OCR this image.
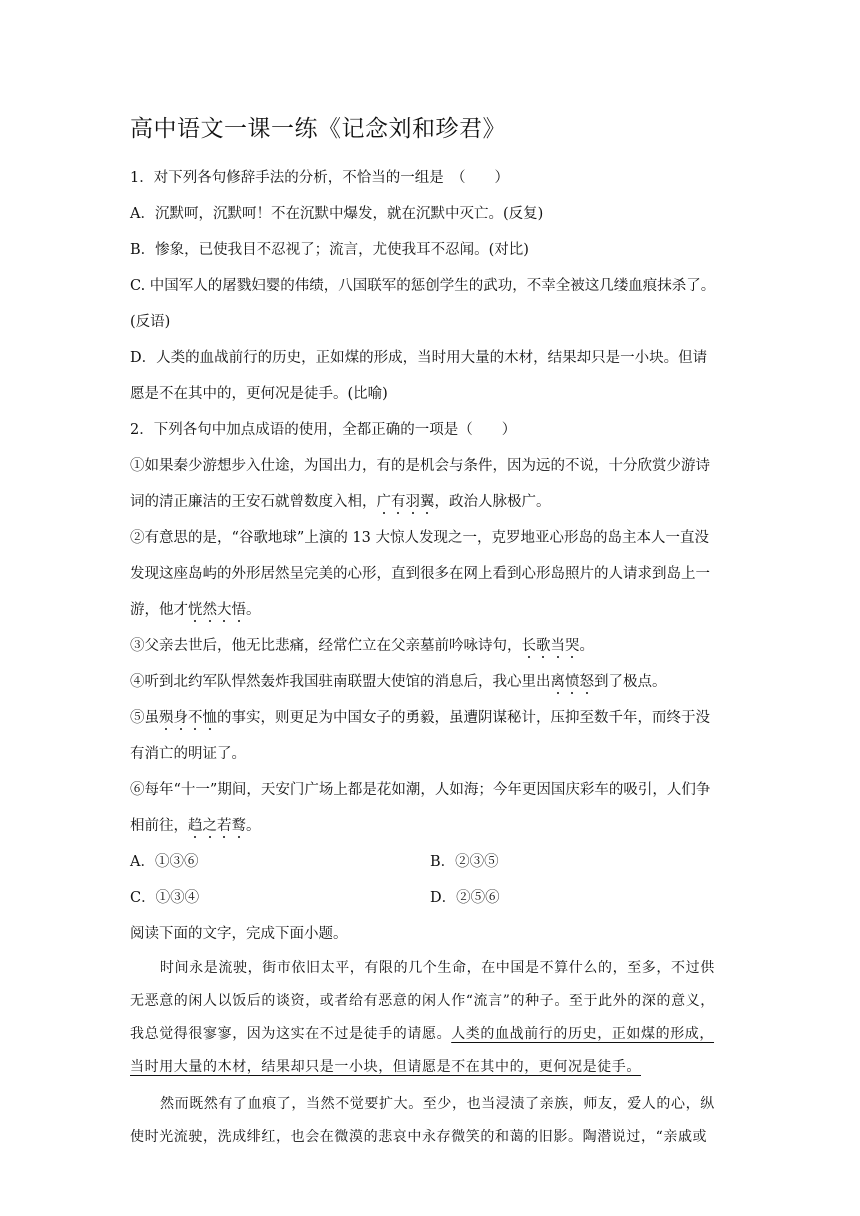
高中语文一课一练《记念刘和珍君》
1．对下列各句修辞手法的分析，不恰当的一组是　（　　）
A．沉默呵，沉默呵！不在沉默中爆发，就在沉默中灭亡。(反复)
B．惨象，已使我目不忍视了；流言，尤使我耳不忍闻。(对比)
C. 中国军人的屠戮妇婴的伟绩，八国联军的惩创学生的武功，不幸全被这几缕血痕抹杀了。
(反语)
D．人类的血战前行的历史，正如煤的形成，当时用大量的木材，结果却只是一小块。但请
愿是不在其中的，更何况是徒手。(比喻)
2．下列各句中加点成语的使用，全都正确的一项是（　　）
①如果秦少游想步入仕途，为国出力，有的是机会与条件，因为远的不说，十分欣赏少游诗
词的清正廉洁的王安石就曾数度入相，广有羽翼，政治人脉极广。
②有意思的是，“谷歌地球”上演的 13 大惊人发现之一，克罗地亚心形岛的岛主本人一直没
发现这座岛屿的外形居然呈完美的心形，直到很多在网上看到心形岛照片的人请求到岛上一
游，他才恍然大悟。
③父亲去世后，他无比悲痛，经常伫立在父亲墓前吟咏诗句，长歌当哭。
④听到北约军队悍然轰炸我国驻南联盟大使馆的消息后，我心里出离愤怒到了极点。
⑤虽殒身不恤的事实，则更足为中国女子的勇毅，虽遭阴谋秘计，压抑至数千年，而终于没
有消亡的明证了。
⑥每年“十一”期间，天安门广场上都是花如潮，人如海；今年更因国庆彩车的吸引，人们争
相前往，趋之若鹜。
A．①③⑥	B．②③⑤
C．①③④	D．②⑤⑥
阅读下面的文字，完成下面小题。
时间永是流驶，街市依旧太平，有限的几个生命，在中国是不算什么的，至多，不过供
无恶意的闲人以饭后的谈资，或者给有恶意的闲人作“流言”的种子。至于此外的深的意义，
我总觉得很寥寥，因为这实在不过是徒手的请愿。人类的血战前行的历史，正如煤的形成，
当时用大量的木材，结果却只是一小块，但请愿是不在其中的，更何况是徒手。
然而既然有了血痕了，当然不觉要扩大。至少，也当浸渍了亲族，师友，爱人的心，纵
使时光流驶，洗成绯红，也会在微漠的悲哀中永存微笑的和蔼的旧影。陶潜说过，“亲戚或
